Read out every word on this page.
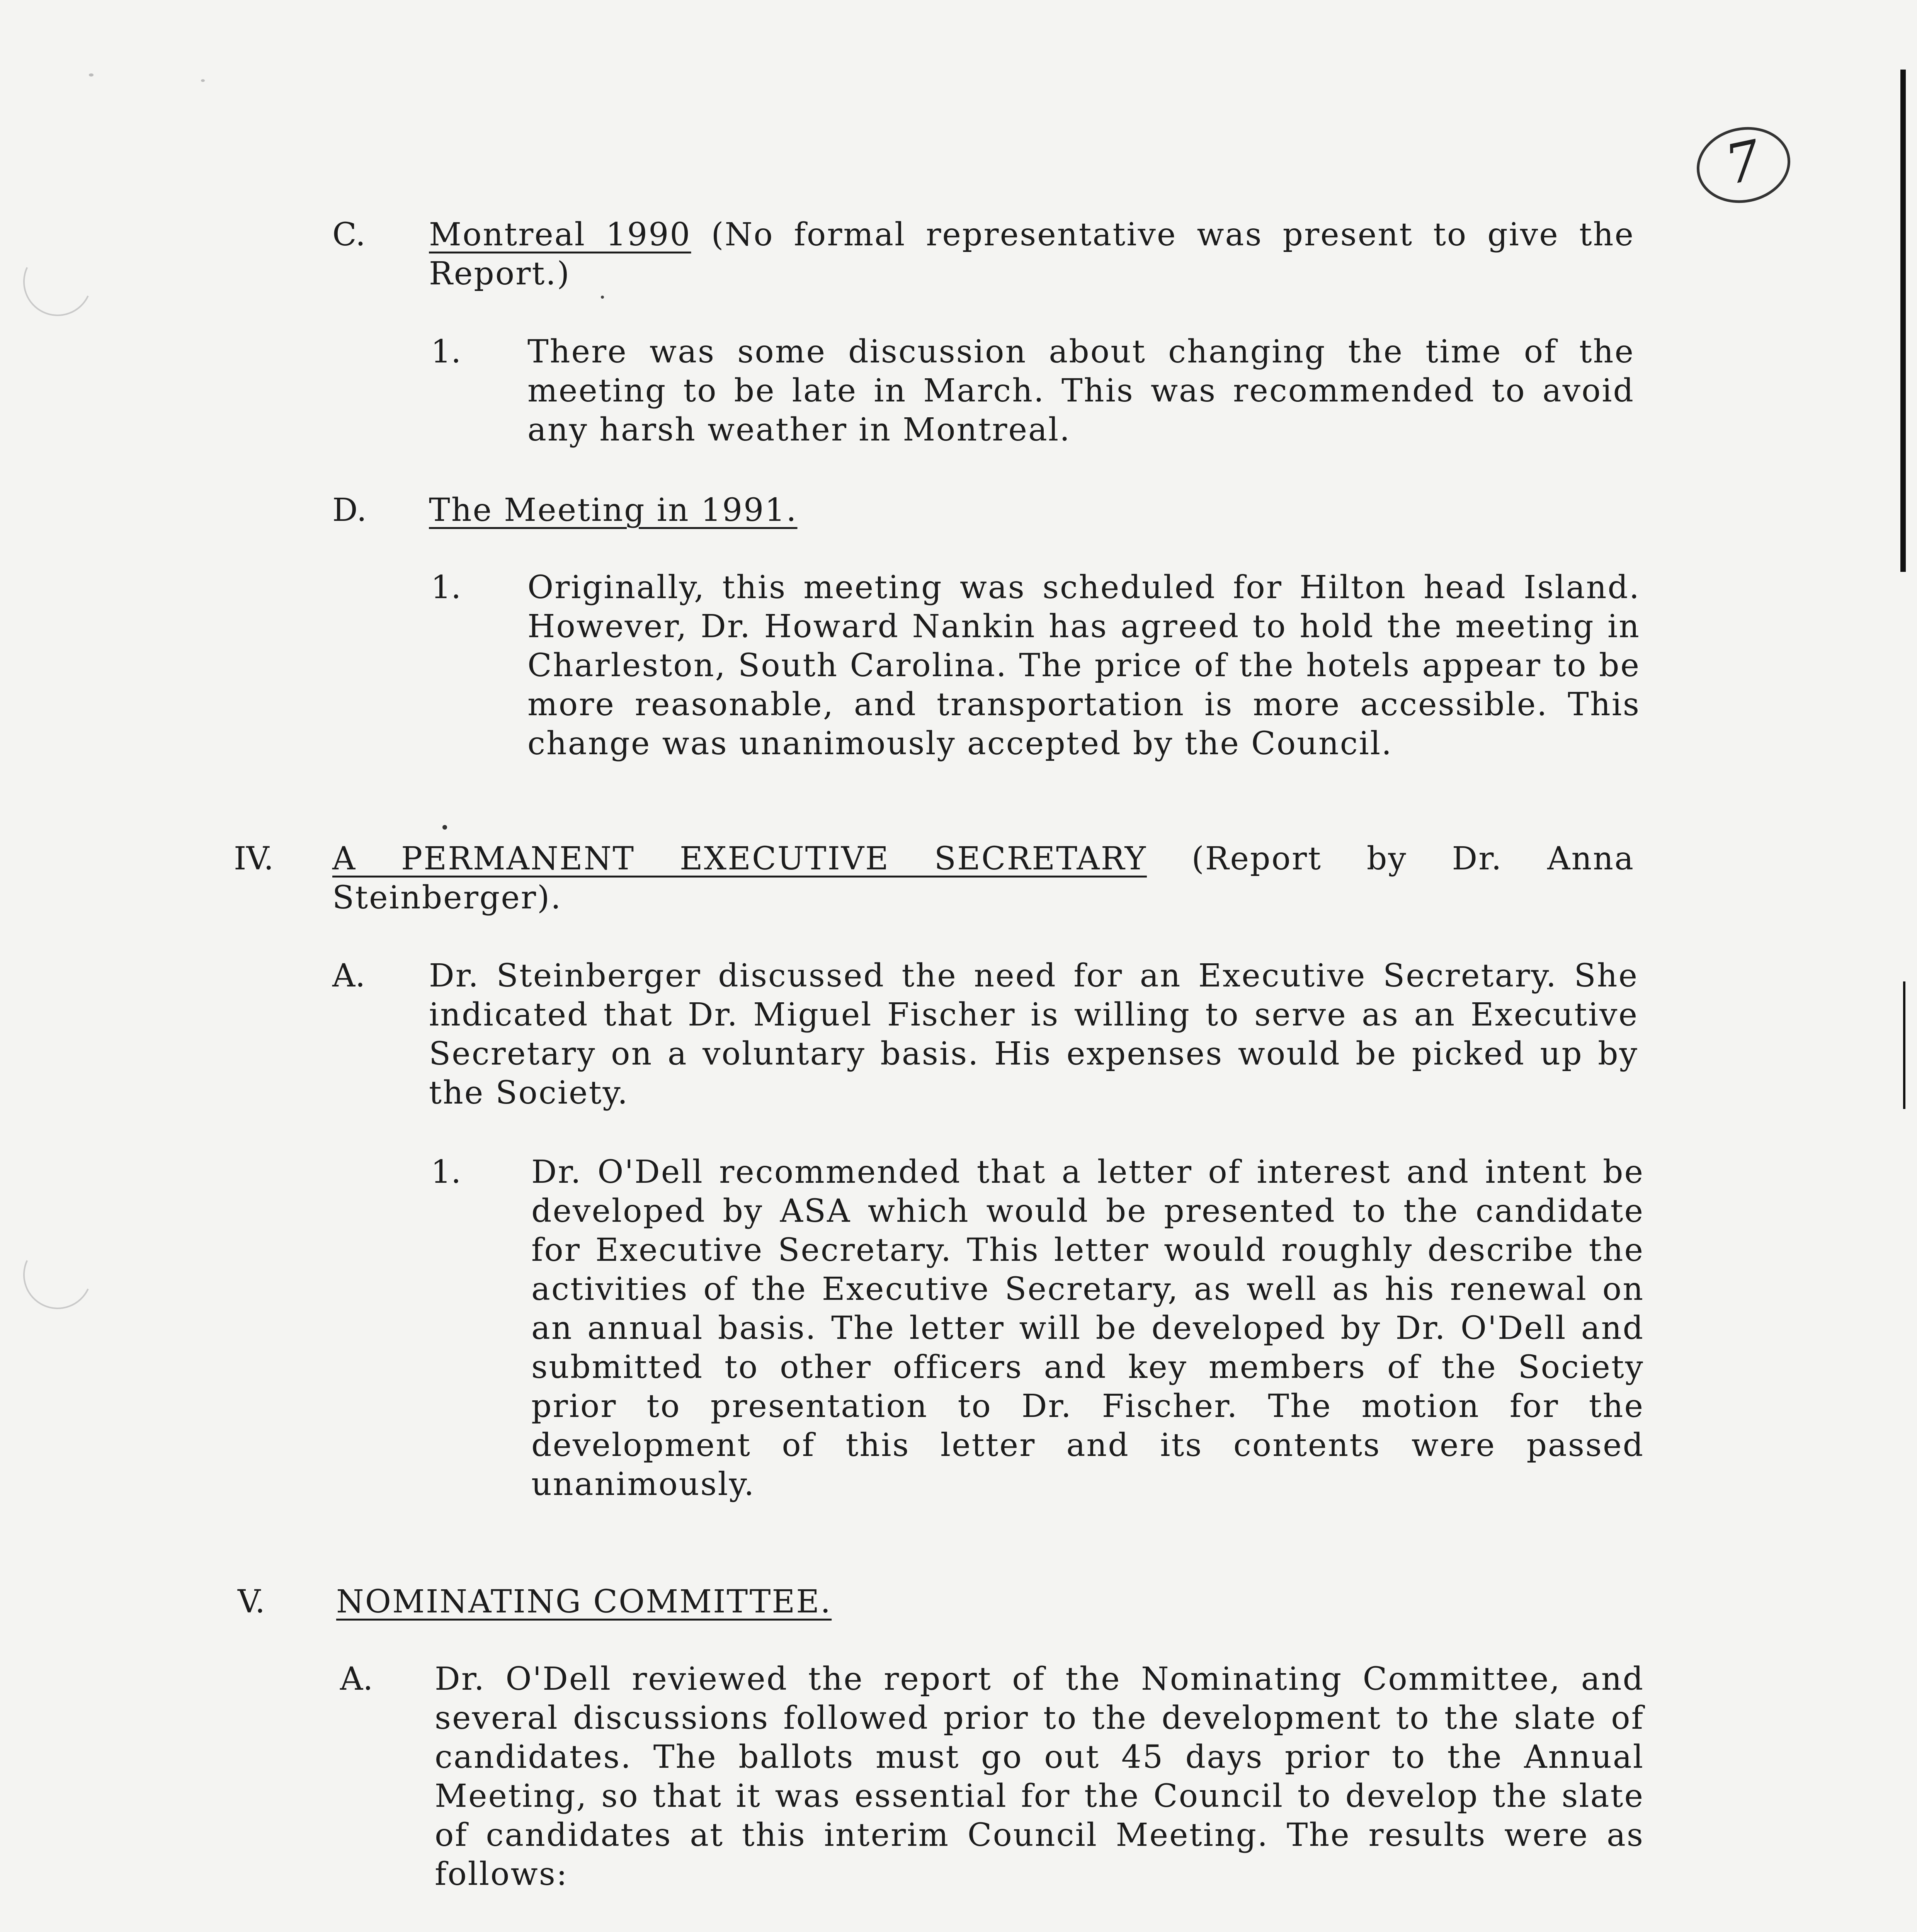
7
C. Montreal 1990 (No formal representative was present to give the Report.)
1. There was some discussion about changing the time of the meeting to be late in March. This was recommended to avoid any harsh weather in Montreal.
D. The Meeting in 1991.
1. Originally, this meeting was scheduled for Hilton head Island. However, Dr. Howard Nankin has agreed to hold the meeting in Charleston, South Carolina. The price of the hotels appear to be more reasonable, and transportation is more accessible. This change was unanimously accepted by the Council.
IV. A PERMANENT EXECUTIVE SECRETARY (Report by Dr. Anna Steinberger).
A. Dr. Steinberger discussed the need for an Executive Secretary. She indicated that Dr. Miguel Fischer is willing to serve as an Executive Secretary on a voluntary basis. His expenses would be picked up by the Society.
1. Dr. O'Dell recommended that a letter of interest and intent be developed by ASA which would be presented to the candidate for Executive Secretary. This letter would roughly describe the activities of the Executive Secretary, as well as his renewal on an annual basis. The letter will be developed by Dr. O'Dell and submitted to other officers and key members of the Society prior to presentation to Dr. Fischer. The motion for the development of this letter and its contents were passed unanimously.
V. NOMINATING COMMITTEE.
A. Dr. O'Dell reviewed the report of the Nominating Committee, and several discussions followed prior to the development to the slate of candidates. The ballots must go out 45 days prior to the Annual Meeting, so that it was essential for the Council to develop the slate of candidates at this interim Council Meeting. The results were as follows:
